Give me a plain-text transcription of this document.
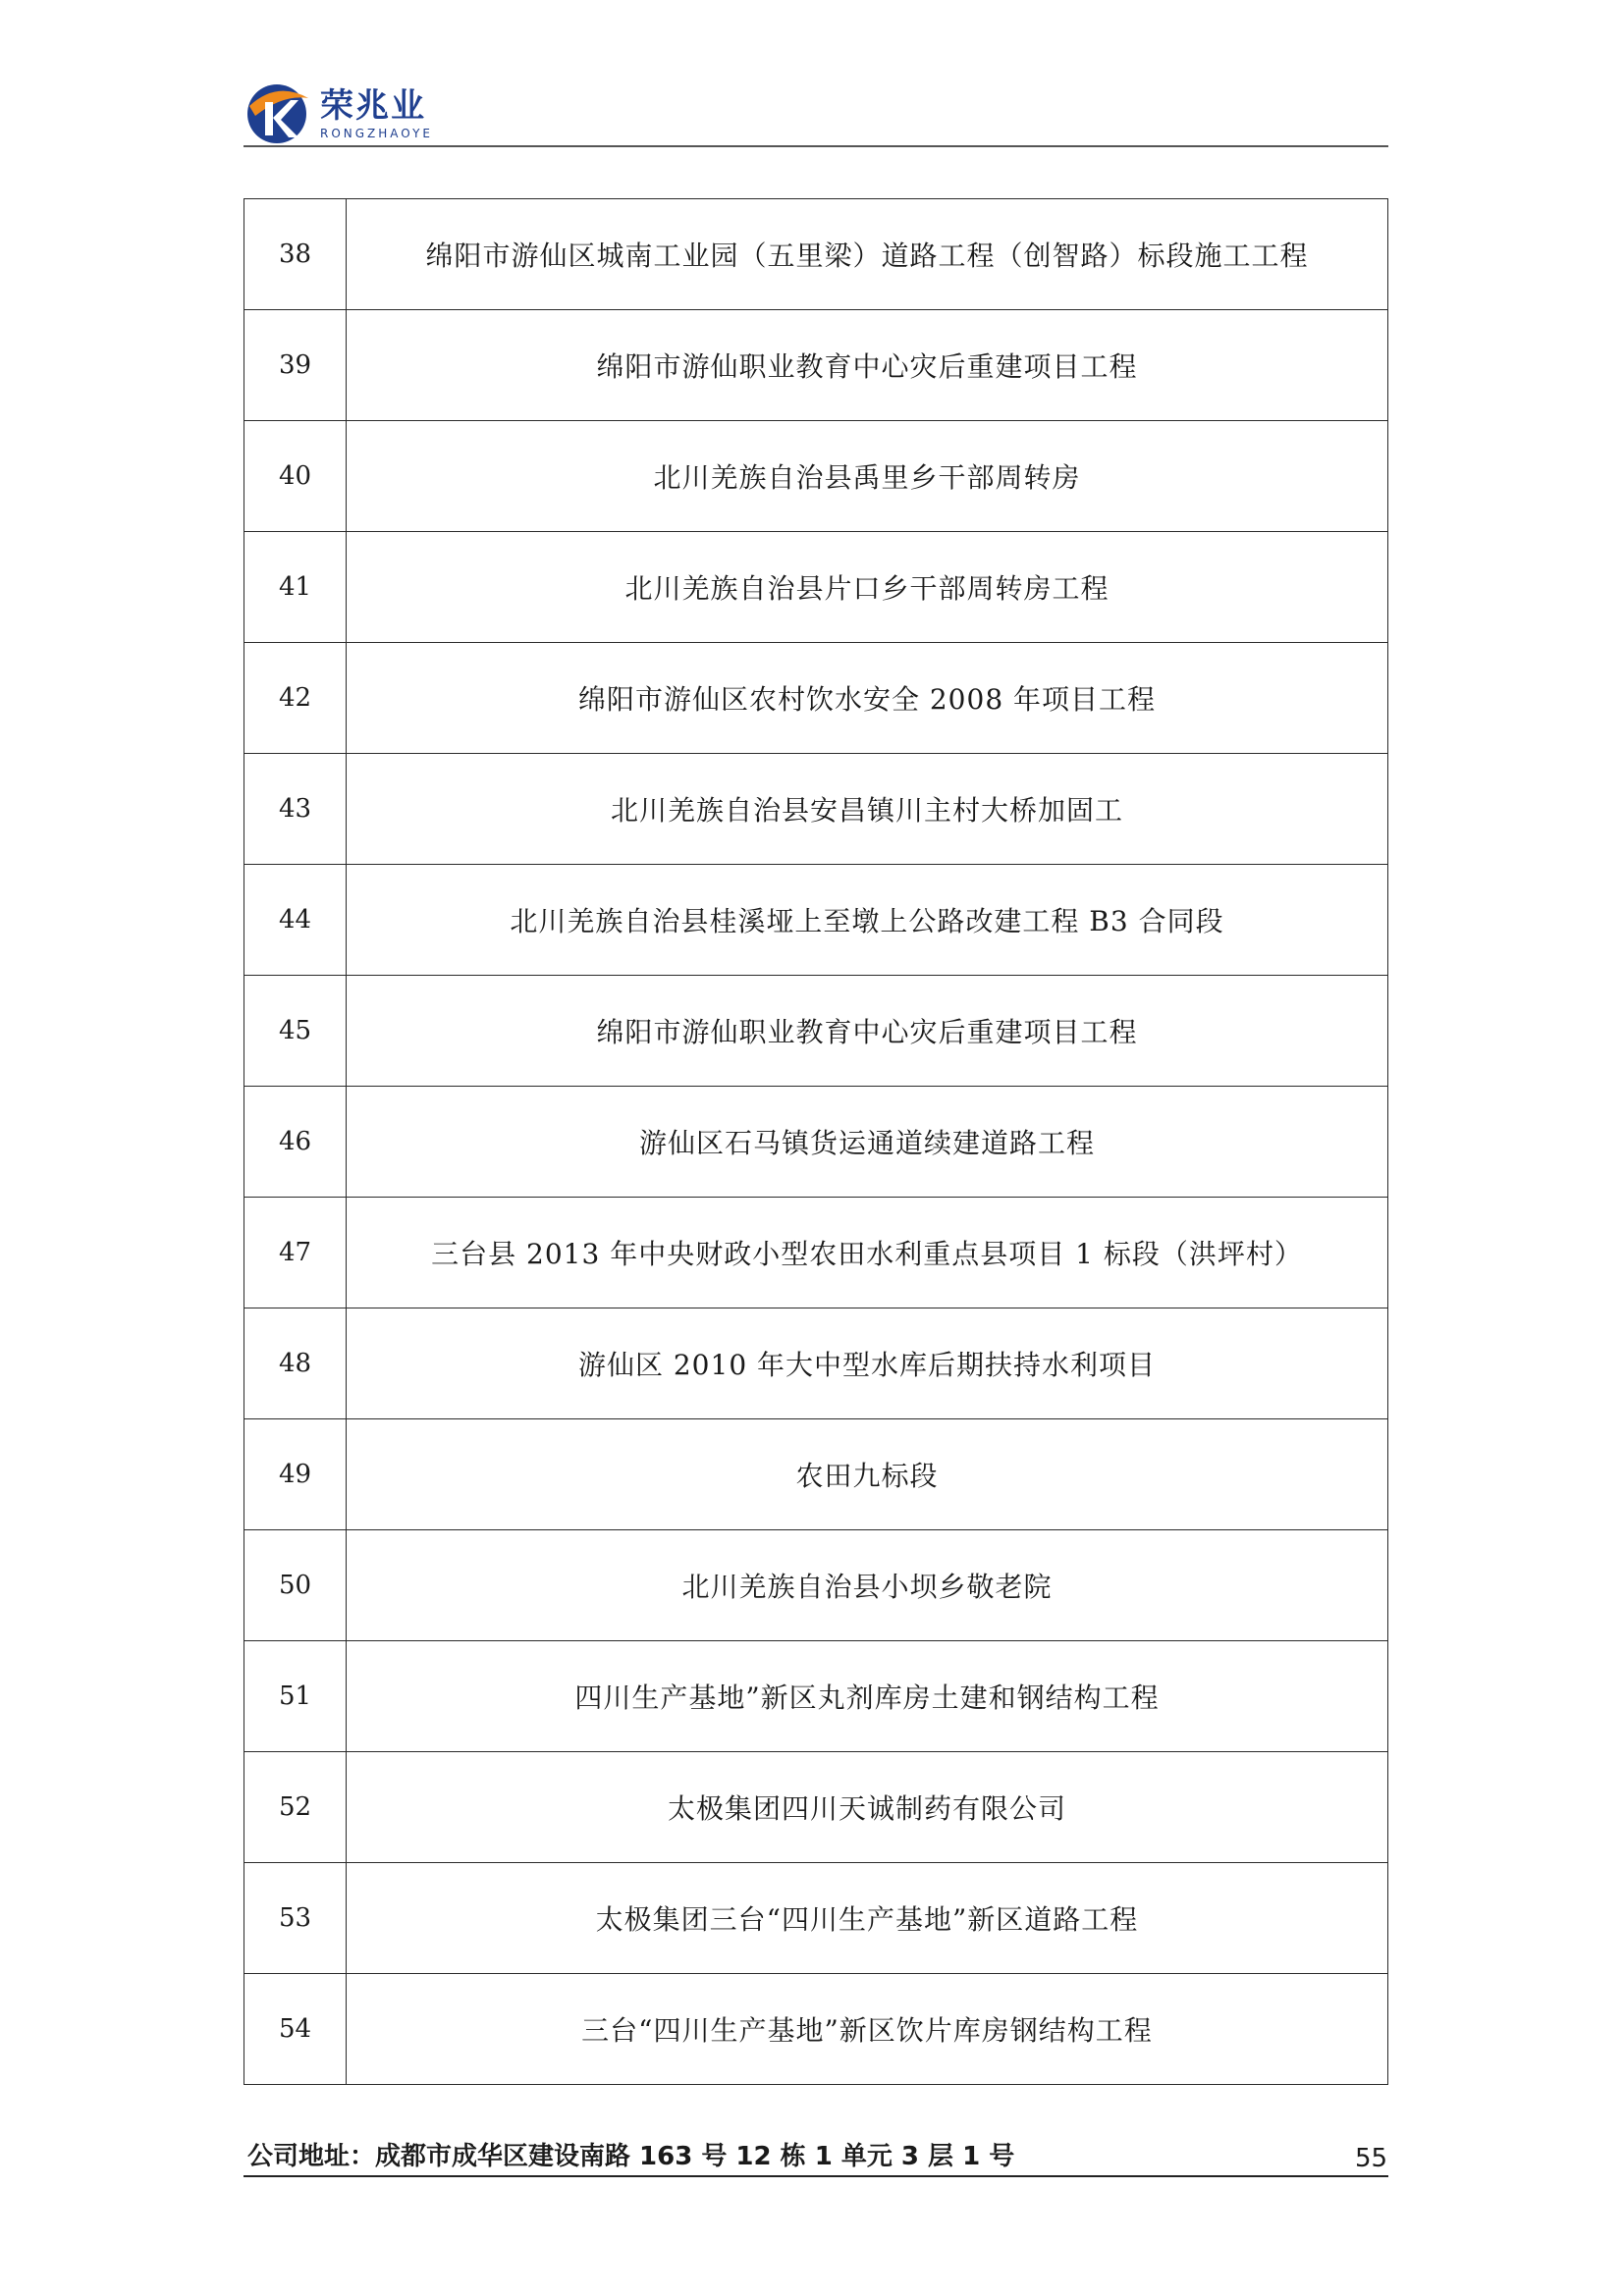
荣兆业
RONGZHAOYE
38	绵阳市游仙区城南工业园（五里梁）道路工程（创智路）标段施工工程
39	绵阳市游仙职业教育中心灾后重建项目工程
40	北川羌族自治县禹里乡干部周转房
41	北川羌族自治县片口乡干部周转房工程
42	绵阳市游仙区农村饮水安全 2008 年项目工程
43	北川羌族自治县安昌镇川主村大桥加固工
44	北川羌族自治县桂溪垭上至墩上公路改建工程 B3 合同段
45	绵阳市游仙职业教育中心灾后重建项目工程
46	游仙区石马镇货运通道续建道路工程
47	三台县 2013 年中央财政小型农田水利重点县项目 1 标段（洪坪村）
48	游仙区 2010 年大中型水库后期扶持水利项目
49	农田九标段
50	北川羌族自治县小坝乡敬老院
51	四川生产基地”新区丸剂库房土建和钢结构工程
52	太极集团四川天诚制药有限公司
53	太极集团三台“四川生产基地”新区道路工程
54	三台“四川生产基地”新区饮片库房钢结构工程
公司地址：成都市成华区建设南路 163 号 12 栋 1 单元 3 层 1 号	55
